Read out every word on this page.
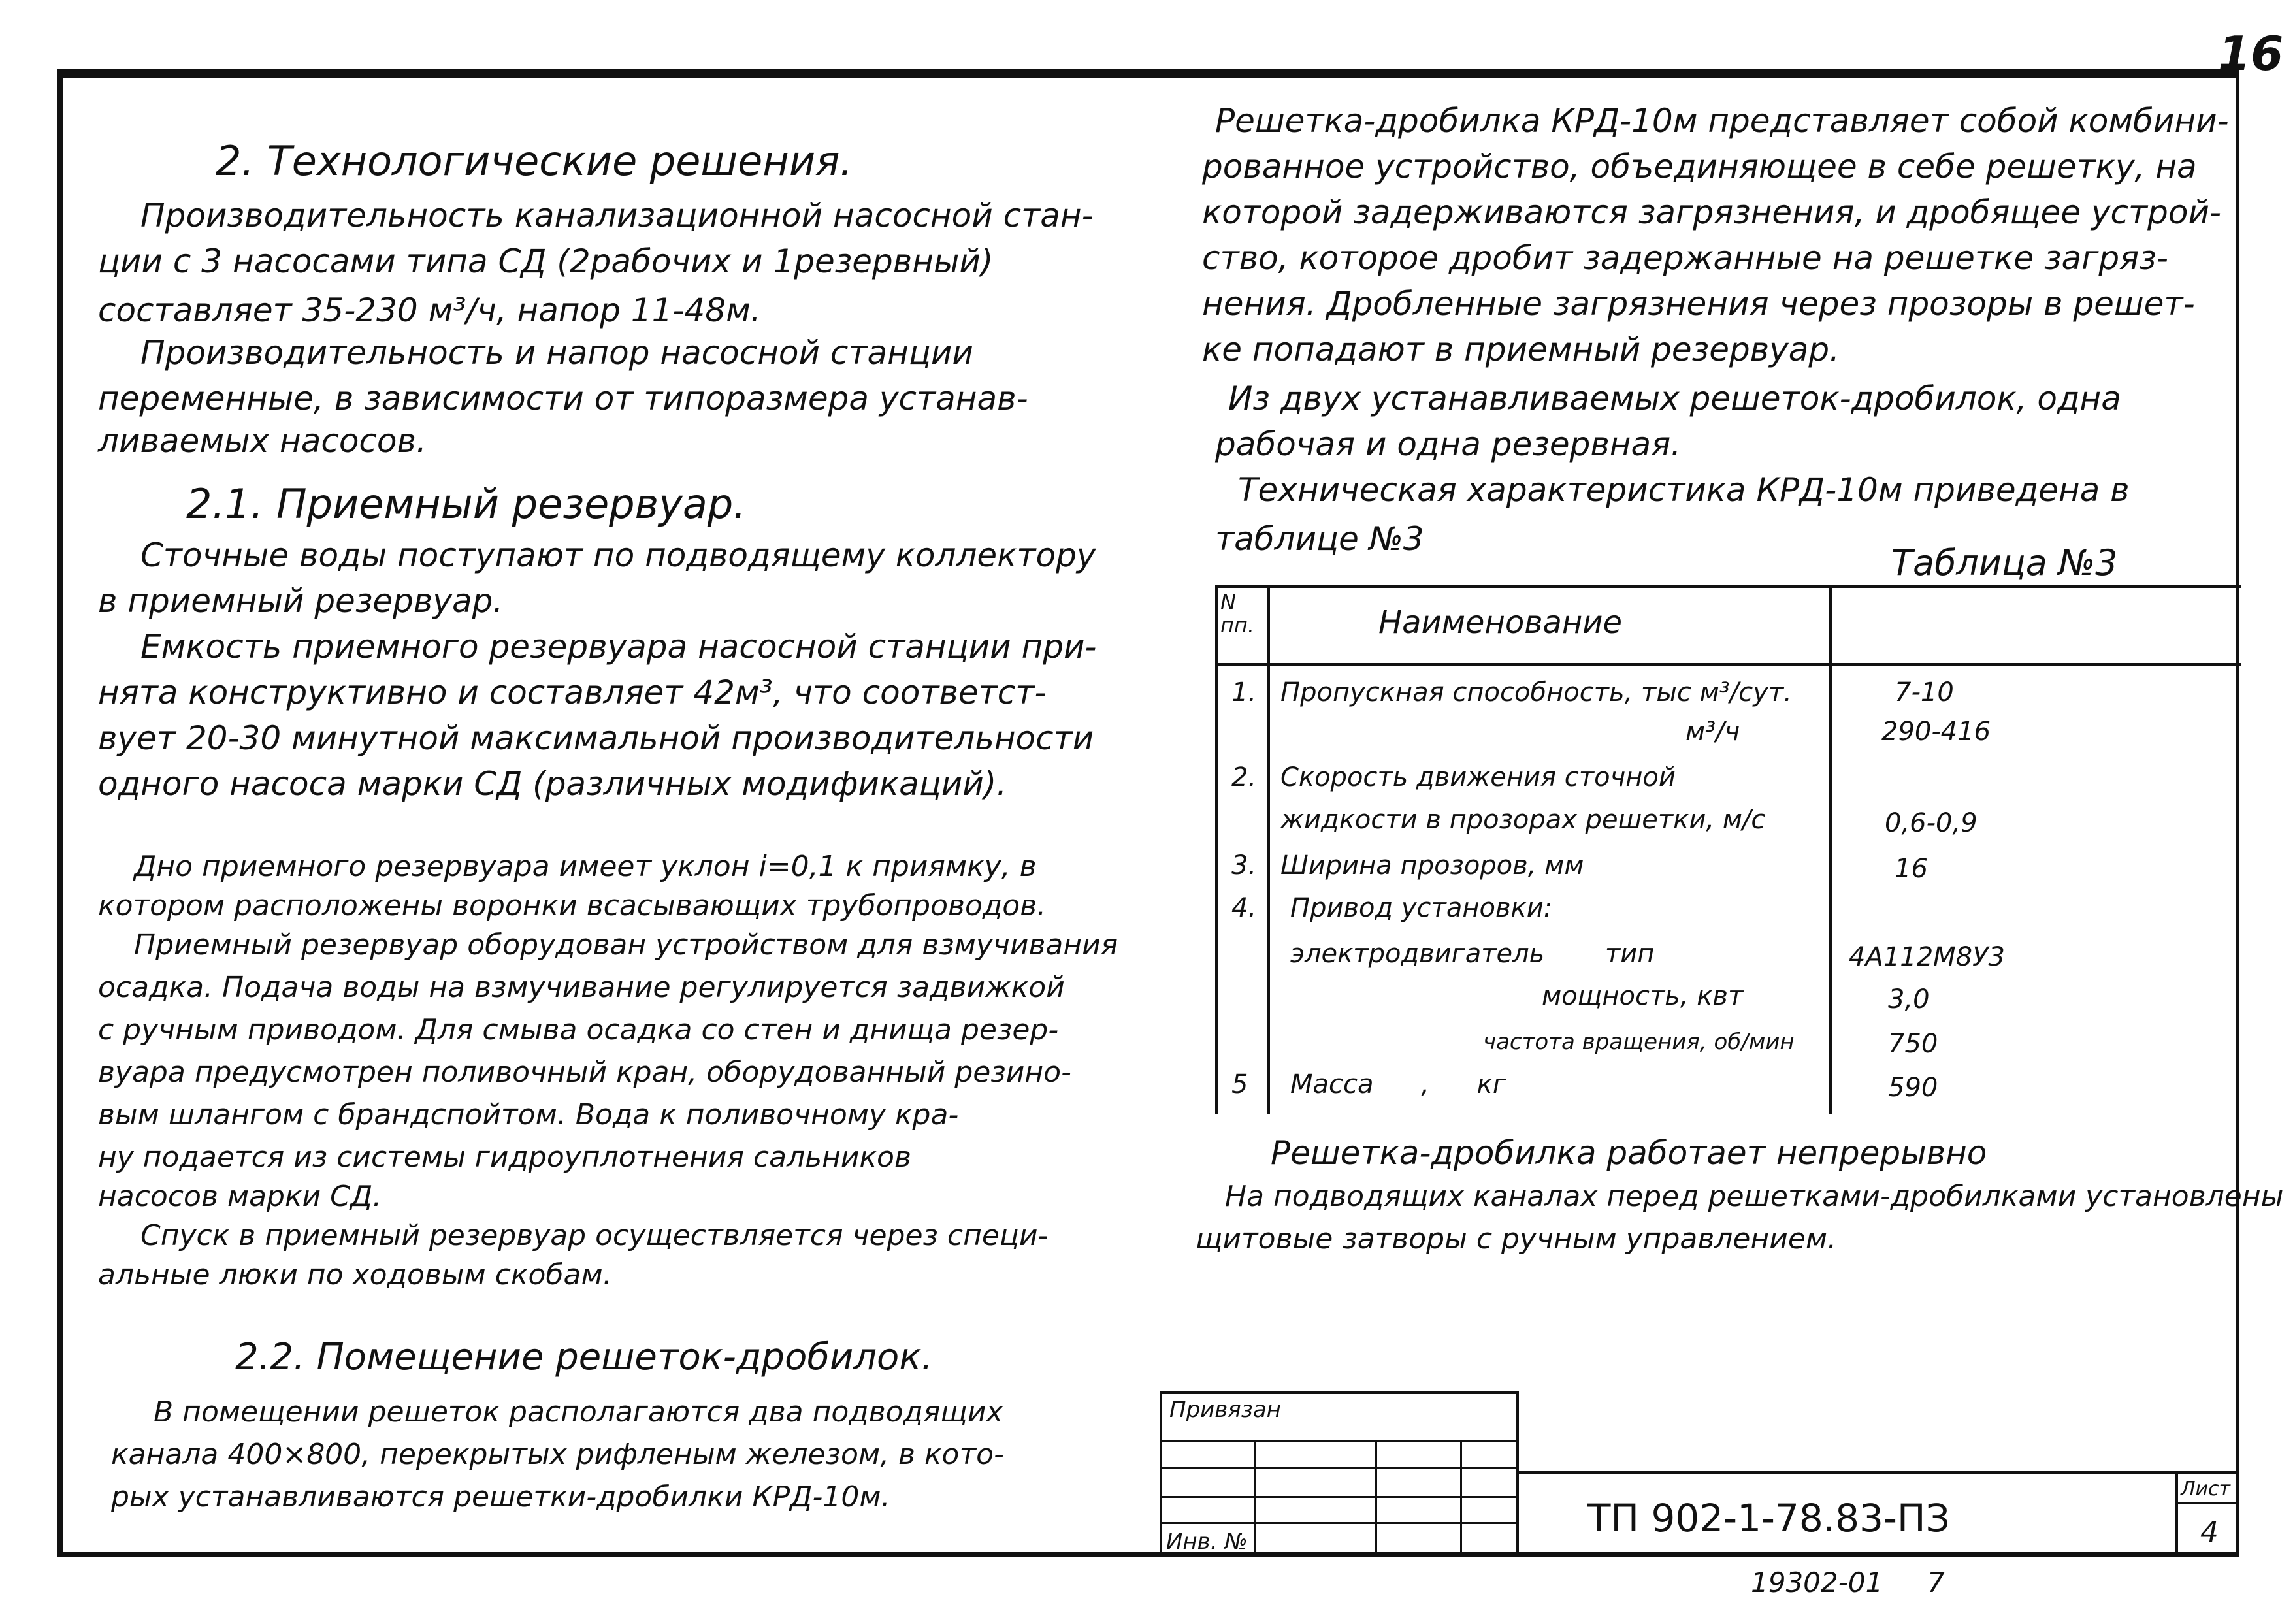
16
2. Технологические решения.
Производительность канализационной насосной стан-
ции с 3 насосами типа СД (2рабочих и 1резервный)
составляет 35-230 м³/ч, напор 11-48м.
Производительность и напор насосной станции
переменные, в зависимости от типоразмера устанав-
ливаемых насосов.
2.1. Приемный резервуар.
Сточные воды поступают по подводящему коллектору
в приемный резервуар.
Емкость приемного резервуара насосной станции при-
нята конструктивно и составляет 42м³, что соответст-
вует 20-30 минутной максимальной производительности
одного насоса марки СД (различных модификаций).
Дно приемного резервуара имеет уклон i=0,1 к приямку, в
котором расположены воронки всасывающих трубопроводов.
Приемный резервуар оборудован устройством для взмучивания
осадка. Подача воды на взмучивание регулируется задвижкой
с ручным приводом. Для смыва осадка со стен и днища резер-
вуара предусмотрен поливочный кран, оборудованный резино-
вым шлангом с брандспойтом. Вода к поливочному кра-
ну подается из системы гидроуплотнения сальников
насосов марки СД.
Спуск в приемный резервуар осуществляется через специ-
альные люки по ходовым скобам.
2.2. Помещение решеток-дробилок.
В помещении решеток располагаются два подводящих
канала 400×800, перекрытых рифленым железом, в кото-
рых устанавливаются решетки-дробилки КРД-10м.
Решетка-дробилка КРД-10м представляет собой комбини-
рованное устройство, объединяющее в себе решетку, на
которой задерживаются загрязнения, и дробящее устрой-
ство, которое дробит задержанные на решетке загряз-
нения. Дробленные загрязнения через прозоры в решет-
ке попадают в приемный резервуар.
Из двух устанавливаемых решеток-дробилок, одна
рабочая и одна резервная.
Техническая характеристика КРД-10м приведена в
таблице №3
Таблица №3
N пп.	Наименование
1. Пропускная способность, тыс м³/сут.	7-10
м³/ч	290-416
2. Скорость движения сточной
жидкости в прозорах решетки, м/с	0,6-0,9
3. Ширина прозоров, мм	16
4. Привод установки:
электродвигатель тип	4А112М8У3
мощность, квт	3,0
частота вращения, об/мин	750
5 Масса , кг	590
Решетка-дробилка работает непрерывно
На подводящих каналах перед решетками-дробилками установлены
щитовые затворы с ручным управлением.
Привязан
Инв. №
ТП 902-1-78.83-ПЗ
Лист
4
19302-01 7
